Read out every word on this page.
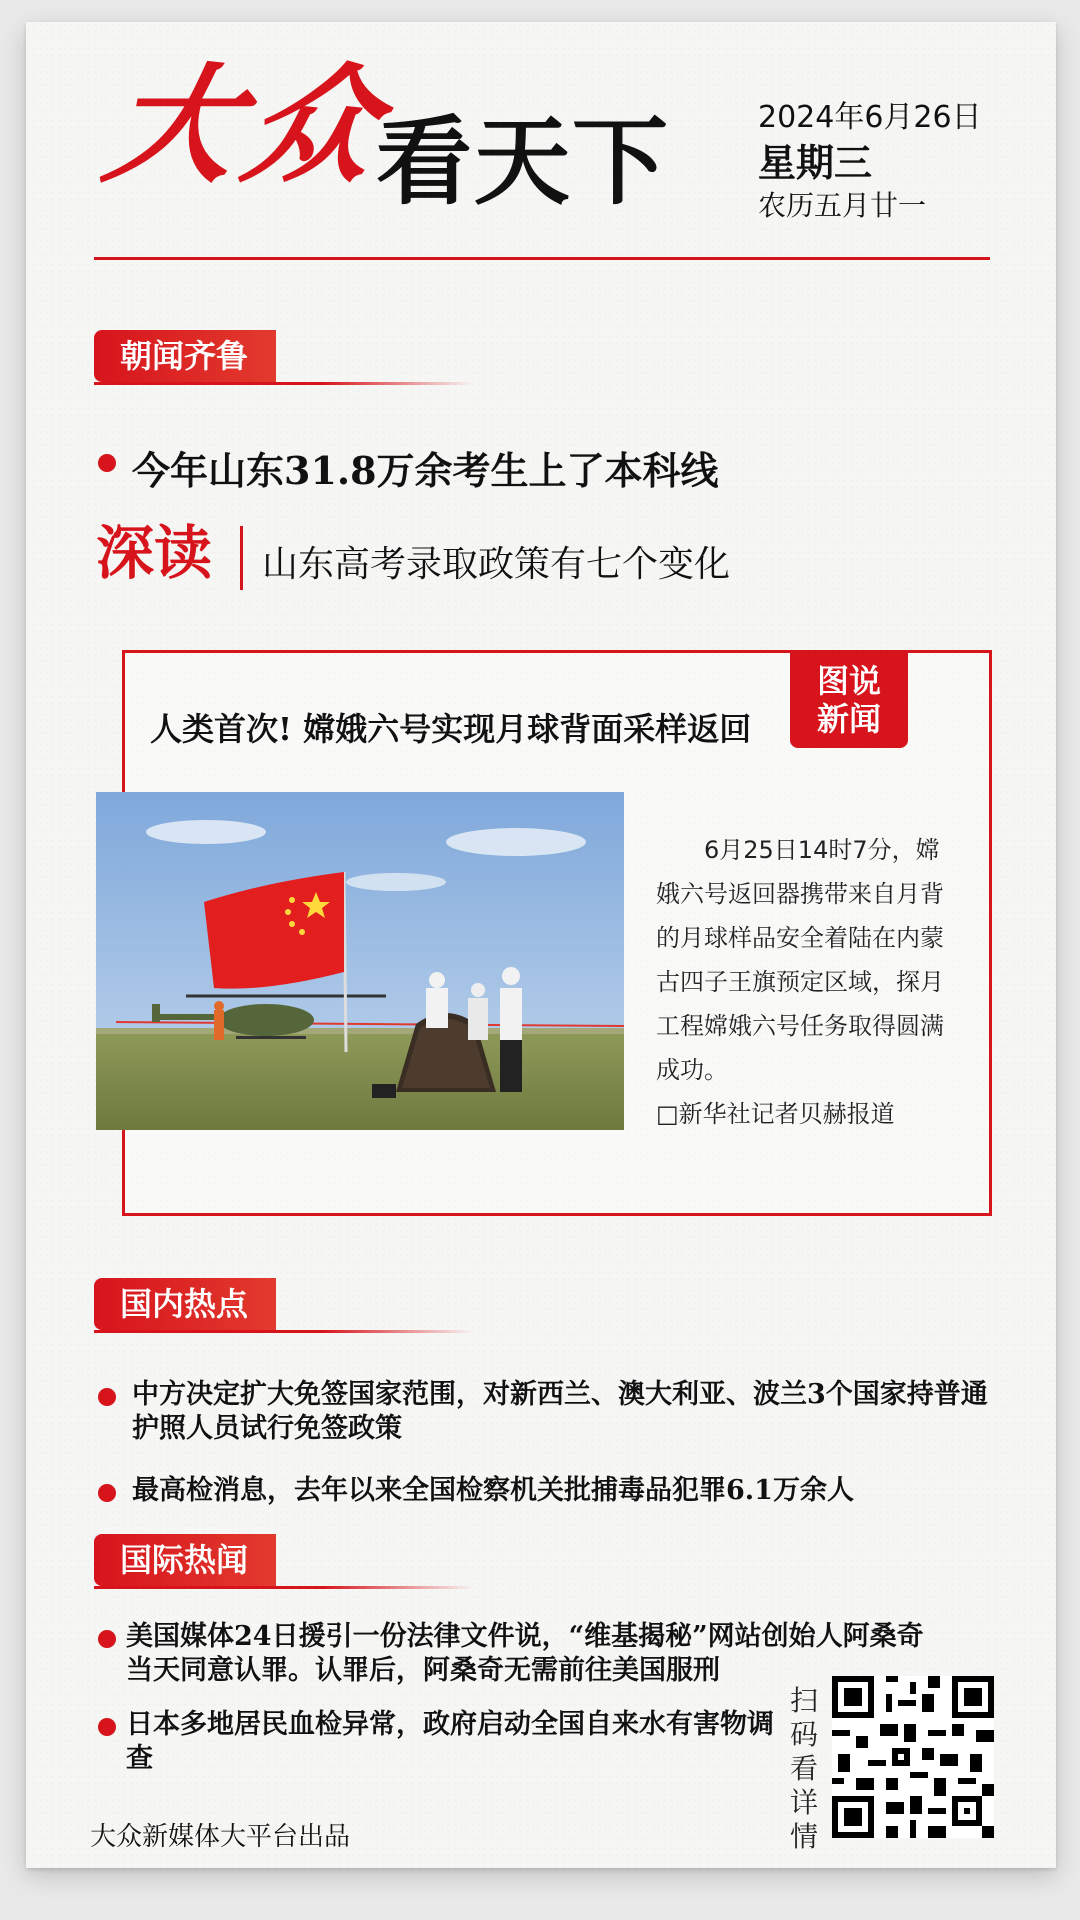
大
众
看天下	2024年6月26日
星期三
农历五月廿一
朝闻齐鲁
今年山东31.8万余考生上了本科线
深读 山东高考录取政策有七个变化
人类首次! 嫦娥六号实现月球背面采样返回
图说
新闻

6月25日14时7分，嫦娥六号返回器携带来自月背的月球样品安全着陆在内蒙古四子王旗预定区域，探月工程嫦娥六号任务取得圆满成功。

□新华社记者贝赫报道

国内热点
中方决定扩大免签国家范围，对新西兰、澳大利亚、波兰3个国家持普通护照人员试行免签政策
最高检消息，去年以来全国检察机关批捕毒品犯罪6.1万余人
国际热闻
美国媒体24日援引一份法律文件说，“维基揭秘”网站创始人阿桑奇当天同意认罪。认罪后，阿桑奇无需前往美国服刑
日本多地居民血检异常，政府启动全国自来水有害物调查
扫码看详情
大众新媒体大平台出品
